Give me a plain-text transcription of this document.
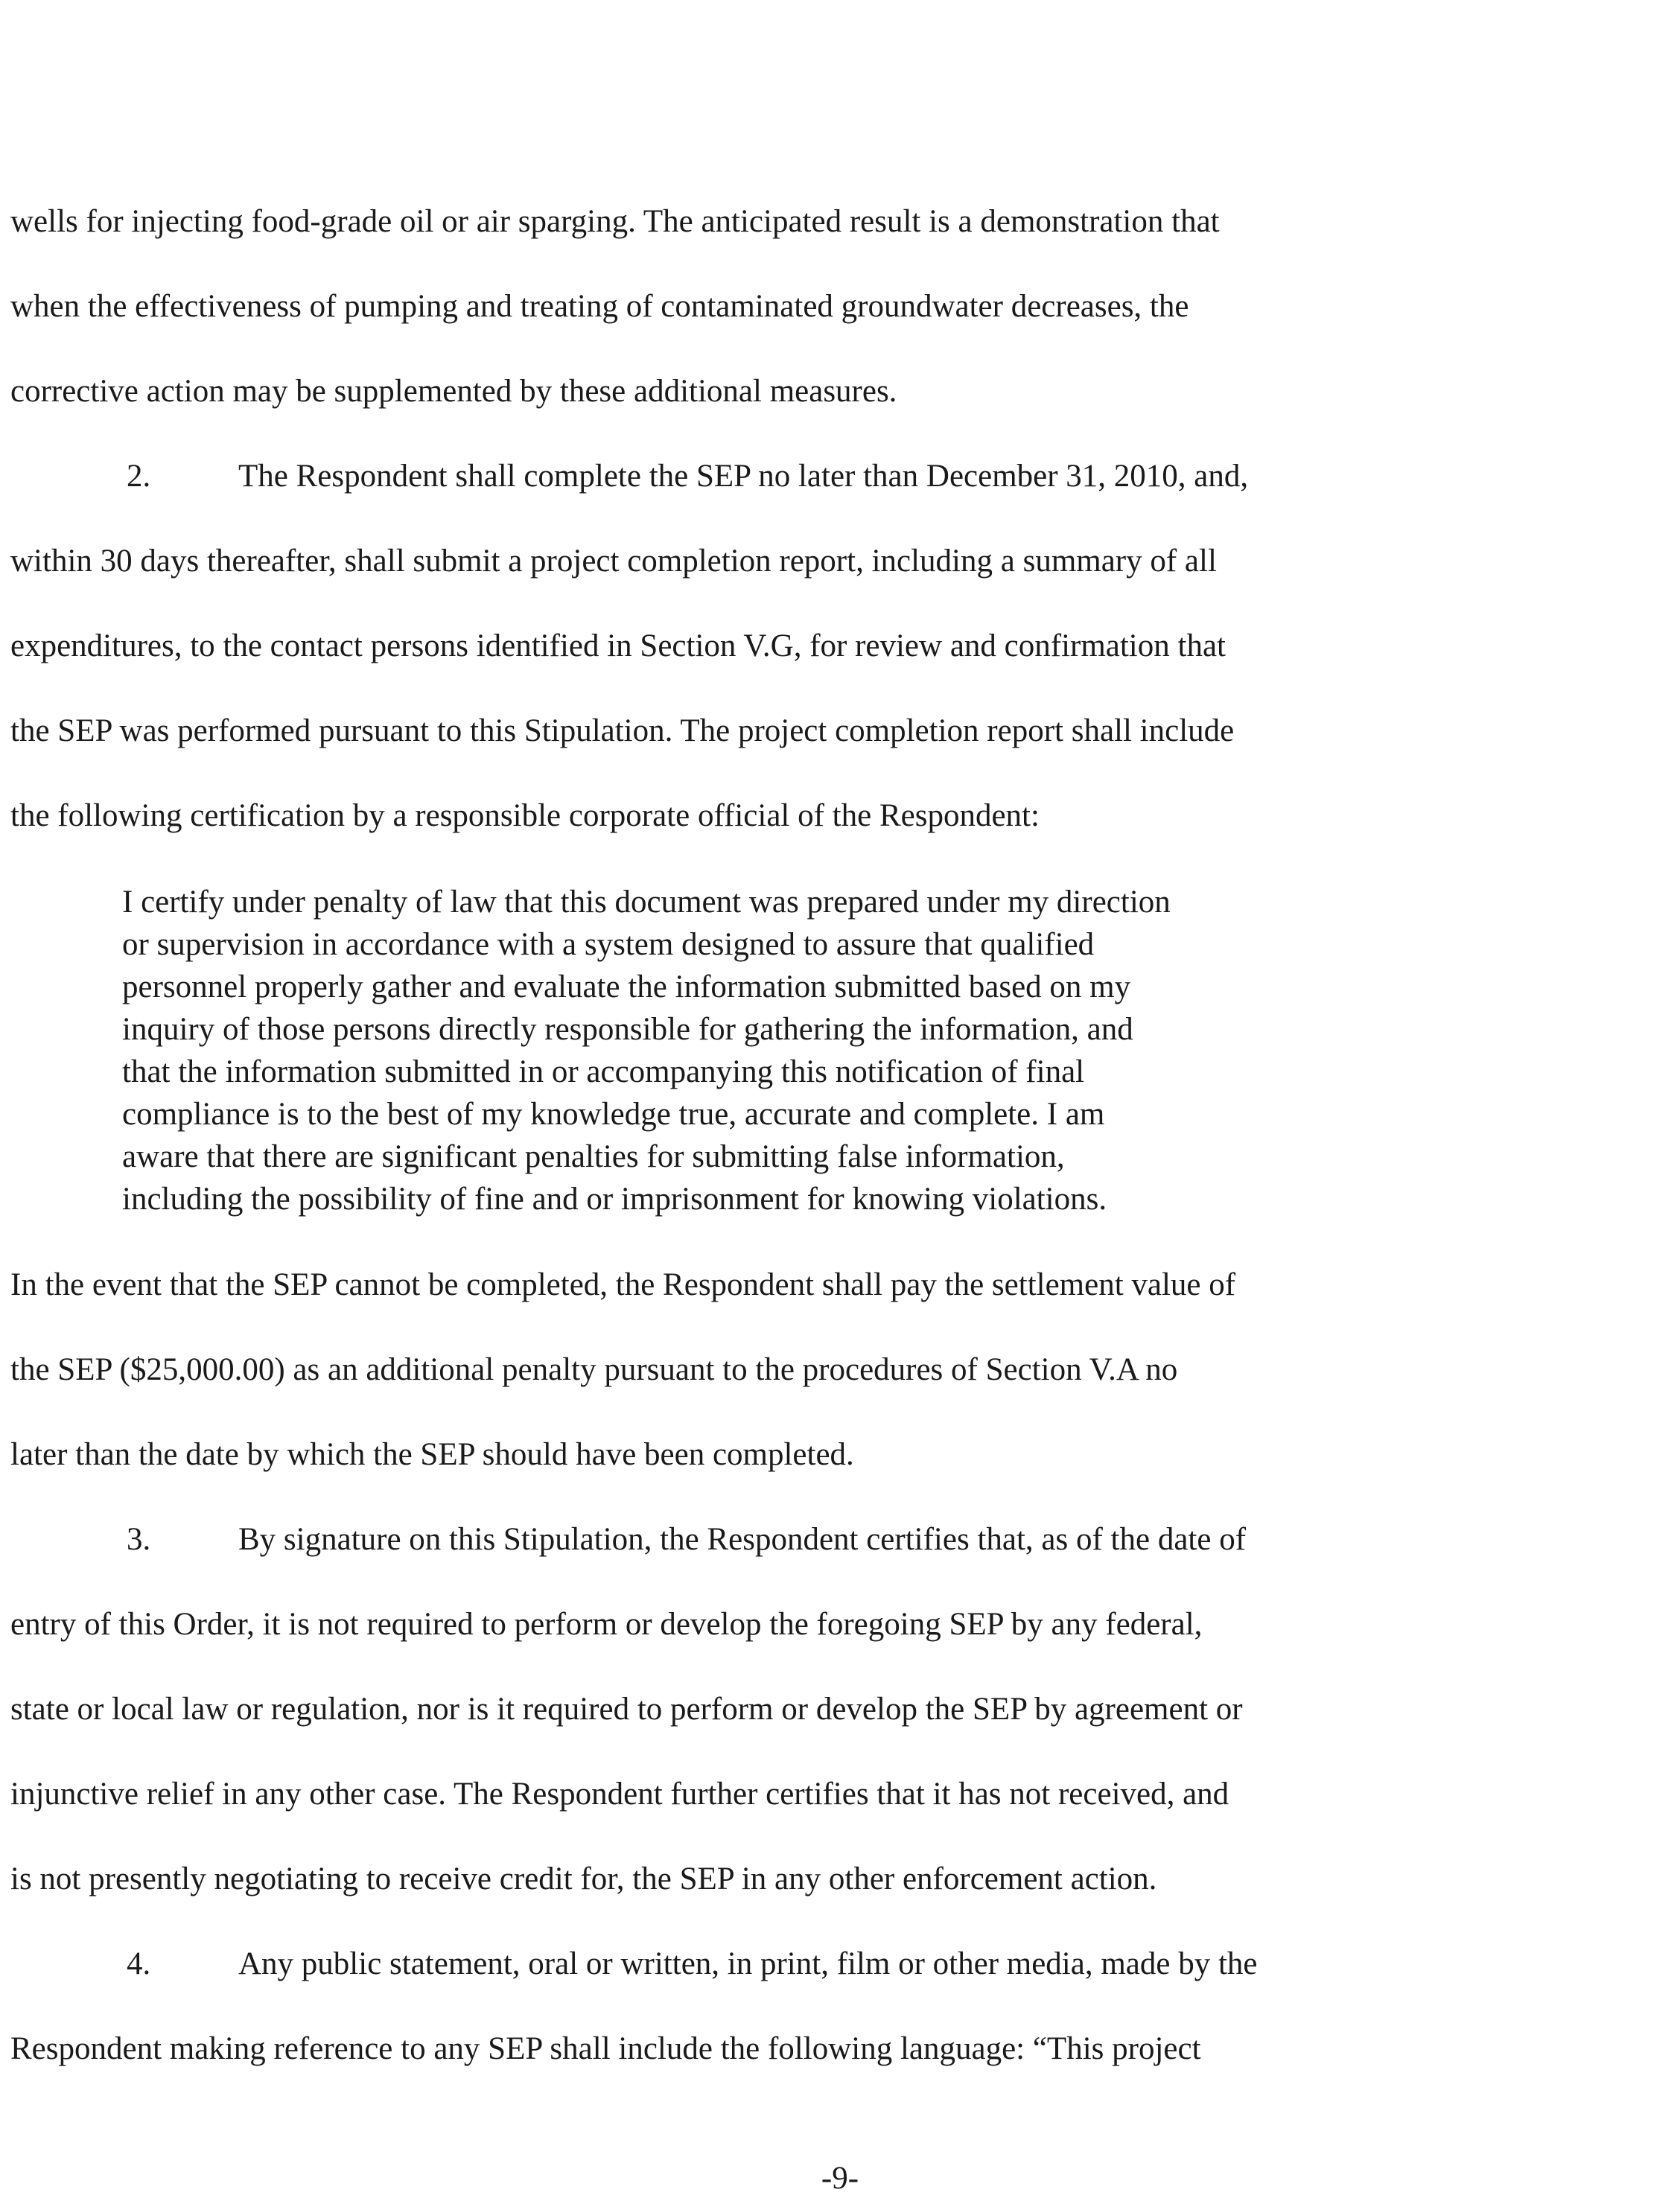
wells for injecting food-grade oil or air sparging. The anticipated result is a demonstration that

when the effectiveness of pumping and treating of contaminated groundwater decreases, the

corrective action may be supplemented by these additional measures.

2.	The Respondent shall complete the SEP no later than December 31, 2010, and,

within 30 days thereafter, shall submit a project completion report, including a summary of all

expenditures, to the contact persons identified in Section V.G, for review and confirmation that

the SEP was performed pursuant to this Stipulation. The project completion report shall include

the following certification by a responsible corporate official of the Respondent:

I certify under penalty of law that this document was prepared under my direction

or supervision in accordance with a system designed to assure that qualified

personnel properly gather and evaluate the information submitted based on my

inquiry of those persons directly responsible for gathering the information, and

that the information submitted in or accompanying this notification of final

compliance is to the best of my knowledge true, accurate and complete. I am

aware that there are significant penalties for submitting false information,

including the possibility of fine and or imprisonment for knowing violations.

In the event that the SEP cannot be completed, the Respondent shall pay the settlement value of

the SEP ($25,000.00) as an additional penalty pursuant to the procedures of Section V.A no

later than the date by which the SEP should have been completed.

3.	By signature on this Stipulation, the Respondent certifies that, as of the date of

entry of this Order, it is not required to perform or develop the foregoing SEP by any federal,

state or local law or regulation, nor is it required to perform or develop the SEP by agreement or

injunctive relief in any other case. The Respondent further certifies that it has not received, and

is not presently negotiating to receive credit for, the SEP in any other enforcement action.

4.	Any public statement, oral or written, in print, film or other media, made by the

Respondent making reference to any SEP shall include the following language: “This project

-9-
